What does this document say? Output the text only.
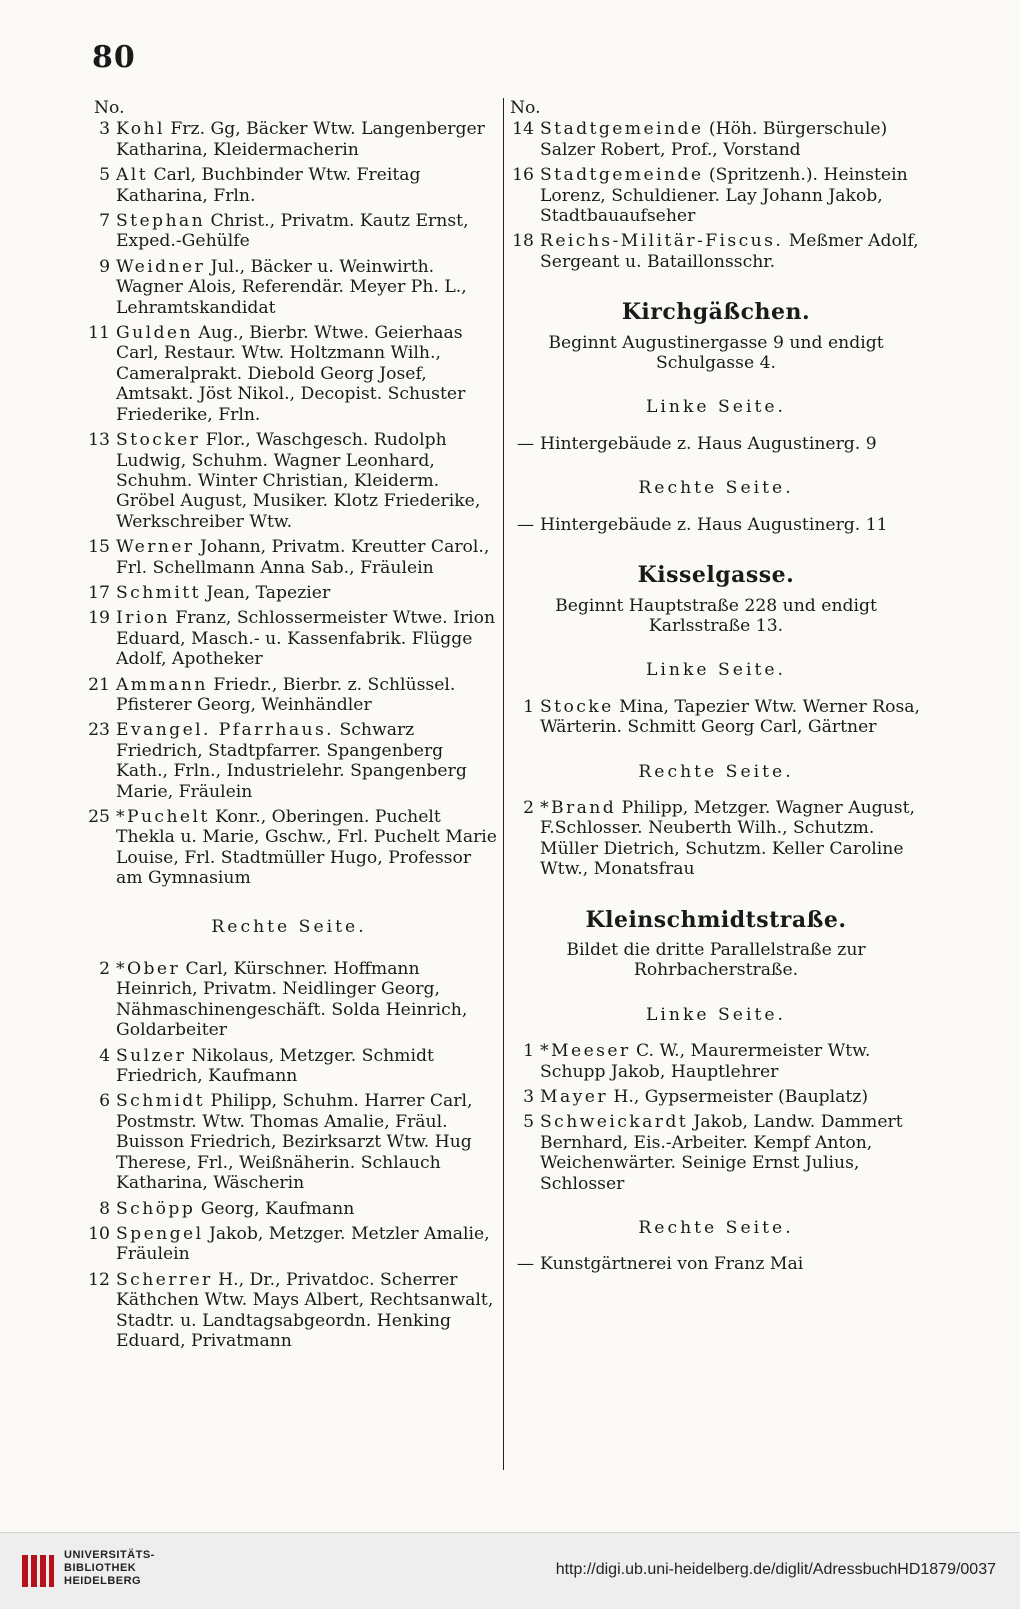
80
No.
3 Kohl Frz. Gg, Bäcker Wtw. Langenberger Katharina, Kleidermacherin
5 Alt Carl, Buchbinder Wtw. Freitag Katharina, Frln.
7 Stephan Christ., Privatm. Kautz Ernst, Exped.-Gehülfe
9 Weidner Jul., Bäcker u. Weinwirth. Wagner Alois, Referendär. Meyer Ph. L., Lehramtskandidat
11 Gulden Aug., Bierbr. Wtwe. Geierhaas Carl, Restaur. Wtw. Holtzmann Wilh., Cameralprakt. Diebold Georg Josef, Amtsakt. Jöst Nikol., Decopist. Schuster Friederike, Frln.
13 Stocker Flor., Waschgesch. Rudolph Ludwig, Schuhm. Wagner Leonhard, Schuhm. Winter Christian, Kleiderm. Gröbel August, Musiker. Klotz Friederike, Werkschreiber Wtw.
15 Werner Johann, Privatm. Kreutter Carol., Frl. Schellmann Anna Sab., Fräulein
17 Schmitt Jean, Tapezier
19 Irion Franz, Schlossermeister Wtwe. Irion Eduard, Masch.- u. Kassenfabrik. Flügge Adolf, Apotheker
21 Ammann Friedr., Bierbr. z. Schlüssel. Pfisterer Georg, Weinhändler
23 Evangel. Pfarrhaus. Schwarz Friedrich, Stadtpfarrer. Spangenberg Kath., Frln., Industrielehr. Spangenberg Marie, Fräulein
25 *Puchelt Konr., Oberingen. Puchelt Thekla u. Marie, Gschw., Frl. Puchelt Marie Louise, Frl. Stadtmüller Hugo, Professor am Gymnasium
Rechte Seite.
2 *Ober Carl, Kürschner. Hoffmann Heinrich, Privatm. Neidlinger Georg, Nähmaschinengeschäft. Solda Heinrich, Goldarbeiter
4 Sulzer Nikolaus, Metzger. Schmidt Friedrich, Kaufmann
6 Schmidt Philipp, Schuhm. Harrer Carl, Postmstr. Wtw. Thomas Amalie, Fräul. Buisson Friedrich, Bezirksarzt Wtw. Hug Therese, Frl., Weißnäherin. Schlauch Katharina, Wäscherin
8 Schöpp Georg, Kaufmann
10 Spengel Jakob, Metzger. Metzler Amalie, Fräulein
12 Scherrer H., Dr., Privatdoc. Scherrer Käthchen Wtw. Mays Albert, Rechtsanwalt, Stadtr. u. Landtagsabgeordn. Henking Eduard, Privatmann
No.
14 Stadtgemeinde (Höh. Bürgerschule) Salzer Robert, Prof., Vorstand
16 Stadtgemeinde (Spritzenh.). Heinstein Lorenz, Schuldiener. Lay Johann Jakob, Stadtbauaufseher
18 Reichs-Militär-Fiscus. Meßmer Adolf, Sergeant u. Bataillonsschr.
Kirchgäßchen.
Beginnt Augustinergasse 9 und endigt Schulgasse 4.
Linke Seite.
— Hintergebäude z. Haus Augustinerg. 9
Rechte Seite.
— Hintergebäude z. Haus Augustinerg. 11
Kisselgasse.
Beginnt Hauptstraße 228 und endigt Karlsstraße 13.
Linke Seite.
1 Stocke Mina, Tapezier Wtw. Werner Rosa, Wärterin. Schmitt Georg Carl, Gärtner
Rechte Seite.
2 *Brand Philipp, Metzger. Wagner August, F.Schlosser. Neuberth Wilh., Schutzm. Müller Dietrich, Schutzm. Keller Caroline Wtw., Monatsfrau
Kleinschmidtstraße.
Bildet die dritte Parallelstraße zur Rohrbacherstraße.
Linke Seite.
1 *Meeser C. W., Maurermeister Wtw. Schupp Jakob, Hauptlehrer
3 Mayer H., Gypsermeister (Bauplatz)
5 Schweickardt Jakob, Landw. Dammert Bernhard, Eis.-Arbeiter. Kempf Anton, Weichenwärter. Seinige Ernst Julius, Schlosser
Rechte Seite.
— Kunstgärtnerei von Franz Mai
UNIVERSITÄTS-
BIBLIOTHEK
HEIDELBERG
http://digi.ub.uni-heidelberg.de/diglit/AdressbuchHD1879/0037
